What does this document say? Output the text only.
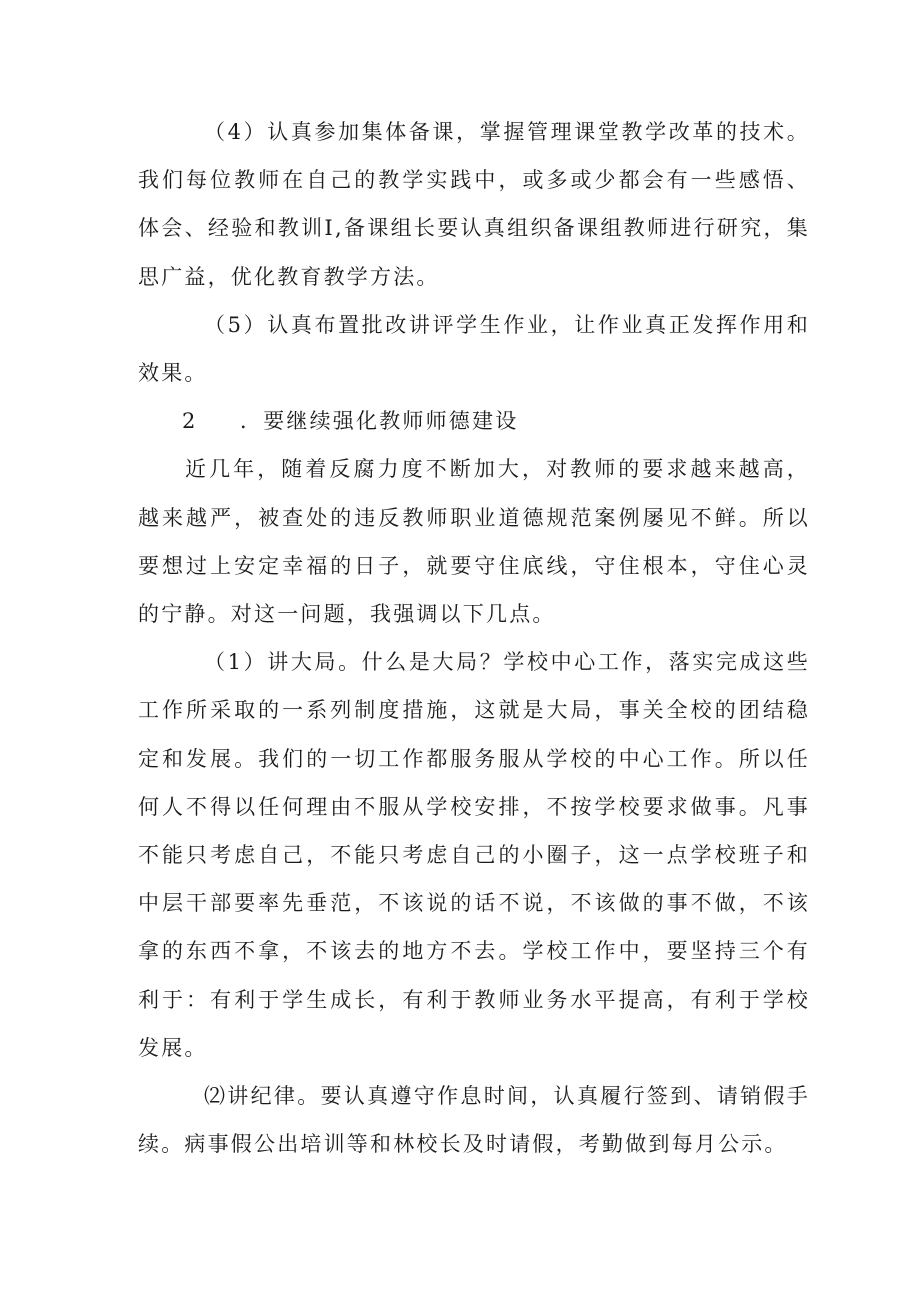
（4）认真参加集体备课，掌握管理课堂教学改革的技术。我们每位教师在自己的教学实践中，或多或少都会有一些感悟、体会、经验和教训Ⅰ,备课组长要认真组织备课组教师进行研究，集思广益，优化教育教学方法。

（5）认真布置批改讲评学生作业，让作业真正发挥作用和效果。

2 ．要继续强化教师师德建设

近几年，随着反腐力度不断加大，对教师的要求越来越高，越来越严，被查处的违反教师职业道德规范案例屡见不鲜。所以要想过上安定幸福的日子，就要守住底线，守住根本，守住心灵的宁静。对这一问题，我强调以下几点。

（1）讲大局。什么是大局？学校中心工作，落实完成这些工作所采取的一系列制度措施，这就是大局，事关全校的团结稳定和发展。我们的一切工作都服务服从学校的中心工作。所以任何人不得以任何理由不服从学校安排，不按学校要求做事。凡事不能只考虑自己，不能只考虑自己的小圈子，这一点学校班子和中层干部要率先垂范，不该说的话不说，不该做的事不做，不该拿的东西不拿，不该去的地方不去。学校工作中，要坚持三个有利于：有利于学生成长，有利于教师业务水平提高，有利于学校发展。

⑵讲纪律。要认真遵守作息时间，认真履行签到、请销假手续。病事假公出培训等和林校长及时请假，考勤做到每月公示。
